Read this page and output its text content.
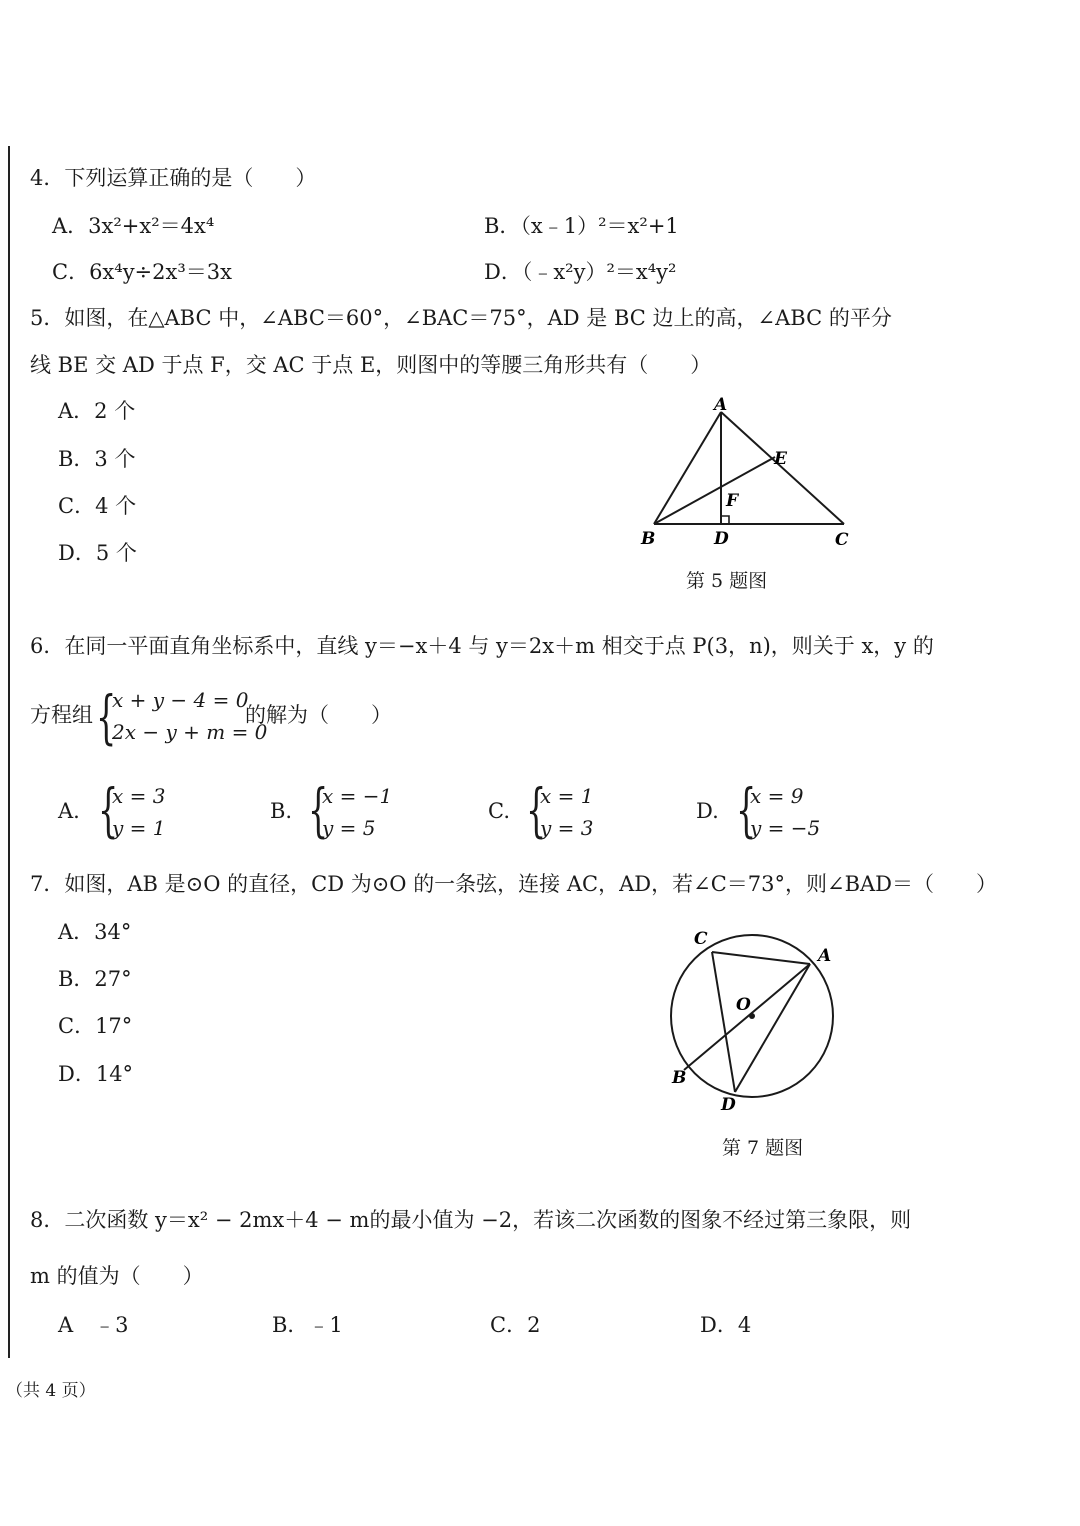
4．下列运算正确的是（　　）
A．3x²+x²＝4x⁴	B．（x﹣1）²＝x²+1
C．6x⁴y÷2x³＝3x	D．（﹣x²y）²＝x⁴y²
5．如图，在△ABC 中，∠ABC＝60°，∠BAC＝75°，AD 是 BC 边上的高，∠ABC 的平分
线 BE 交 AD 于点 F，交 AC 于点 E，则图中的等腰三角形共有（　　）
A．2 个
B．3 个
C．4 个
D．5 个
A
B	D	C
E
F
第 5 题图
6．在同一平面直角坐标系中，直线 y＝−x＋4 与 y＝2x＋m 相交于点 P(3，n)，则关于 x，y 的
方程组 {
x + y − 4 = 0
2x − y + m = 0
的解为（　　）
A. {
x = 3
y = 1
B. {
x = −1
y = 5
C. {
x = 1
y = 3
D. {
x = 9
y = −5
7．如图，AB 是⊙O 的直径，CD 为⊙O 的一条弦，连接 AC，AD，若∠C＝73°，则∠BAD＝（　　）
A．34°
B．27°
C．17°
D．14°
C
A
O
B
D
第 7 题图
8．二次函数 y＝x² − 2mx＋4 − m的最小值为 −2，若该二次函数的图象不经过第三象限，则
m 的值为（　　）
A　﹣3	B．﹣1	C．2	D．4
（共 4 页）
